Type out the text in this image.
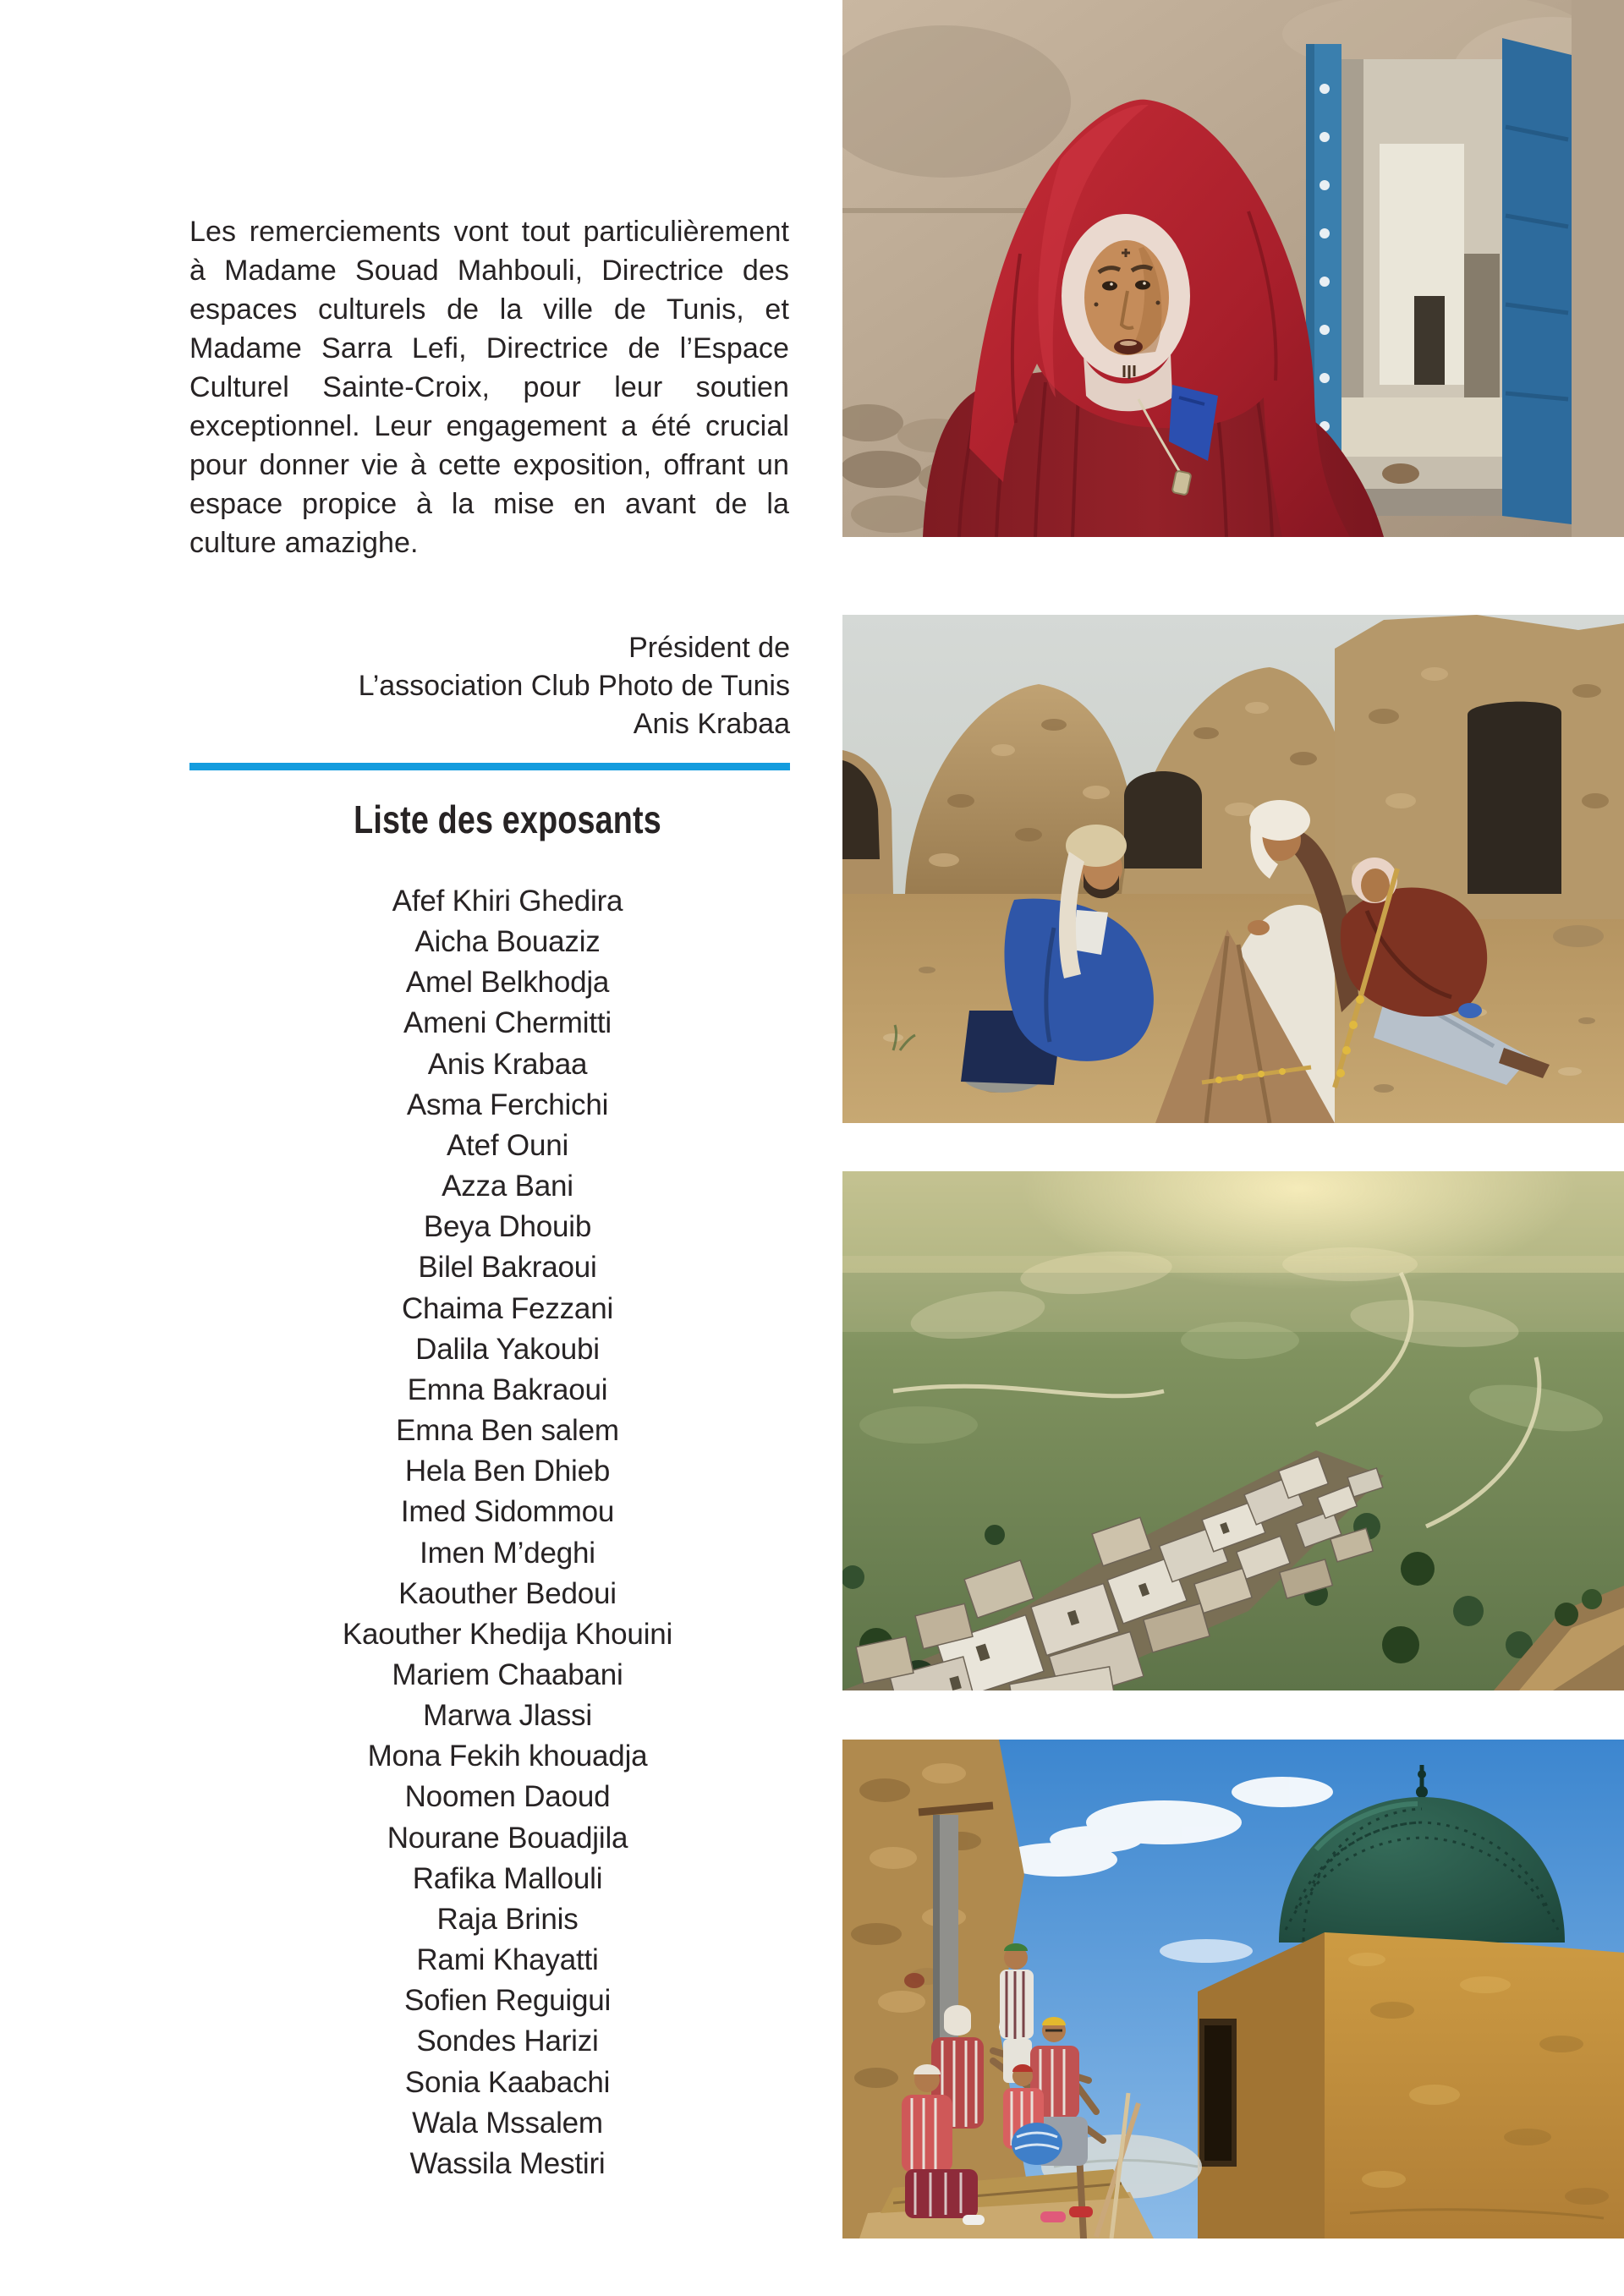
Les remerciements vont tout particulièrement à Madame Souad Mahbouli, Directrice des espaces culturels de la ville de Tunis, et Madame Sarra Lefi, Directrice de l’Espace Culturel Sainte-Croix, pour leur soutien exceptionnel. Leur engagement a été crucial pour donner vie à cette exposition, offrant un espace propice à la mise en avant de la culture amazighe.

Président de
L’association Club Photo de Tunis
Anis Krabaa
Liste des exposants
Afef Khiri Ghedira
Aicha Bouaziz
Amel Belkhodja
Ameni Chermitti
Anis Krabaa
Asma Ferchichi
Atef Ouni
Azza Bani
Beya Dhouib
Bilel Bakraoui
Chaima Fezzani
Dalila Yakoubi
Emna Bakraoui
Emna Ben salem
Hela Ben Dhieb
Imed Sidommou
Imen M’deghi
Kaouther Bedoui
Kaouther Khedija Khouini
Mariem Chaabani
Marwa Jlassi
Mona Fekih khouadja
Noomen Daoud
Nourane Bouadjila
Rafika Mallouli
Raja Brinis
Rami Khayatti
Sofien Reguigui
Sondes Harizi
Sonia Kaabachi
Wala Mssalem
Wassila Mestiri
